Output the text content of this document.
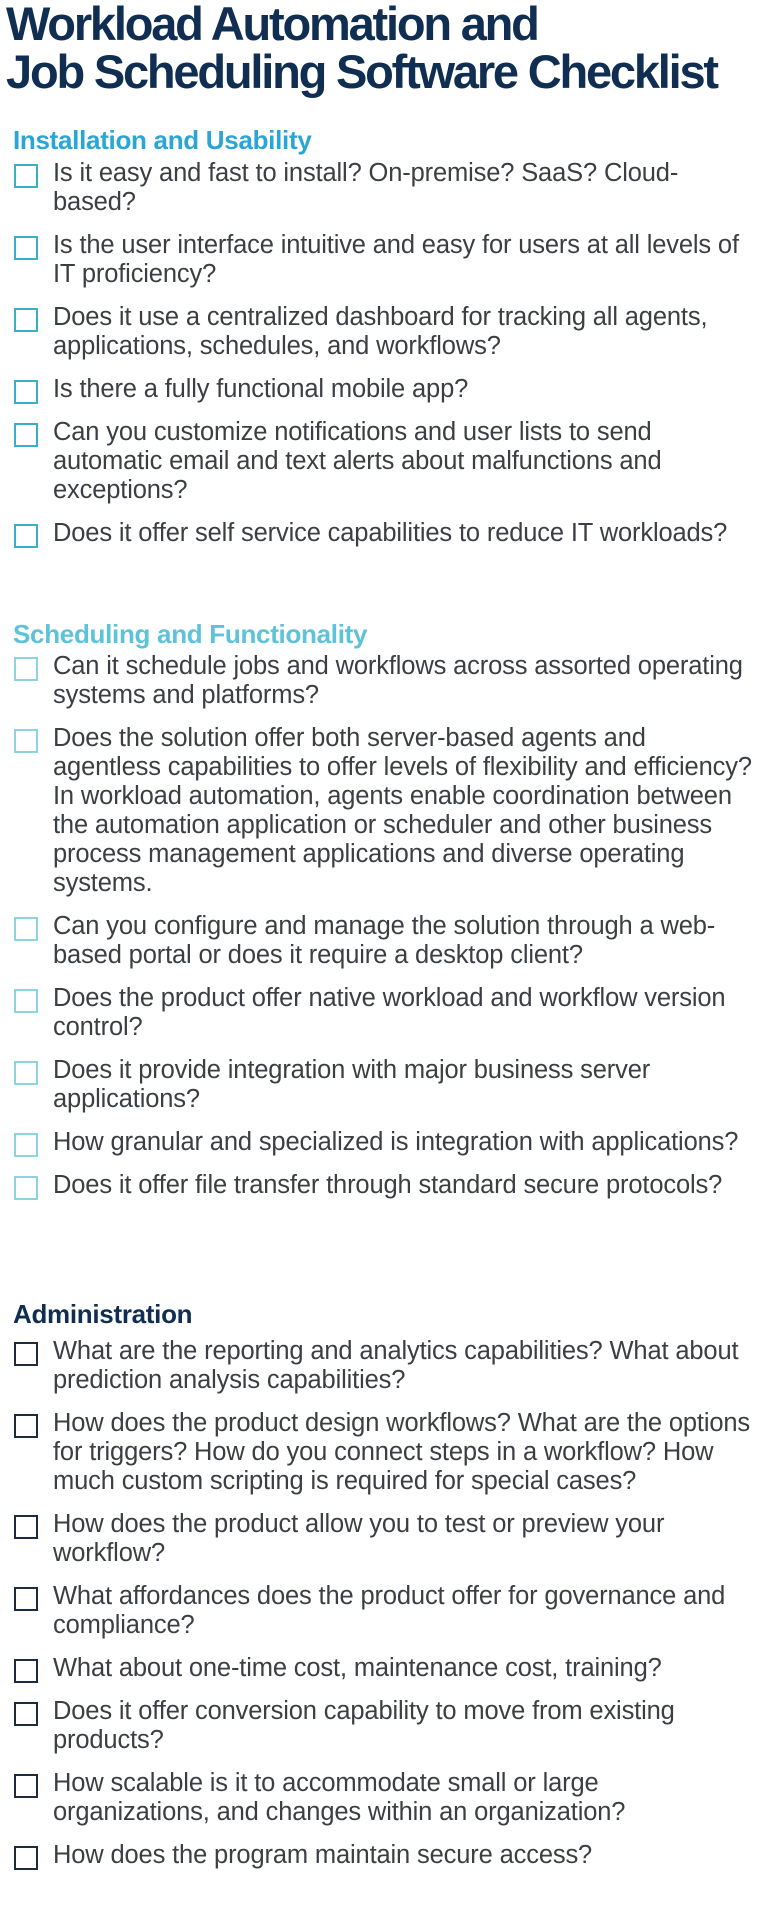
Workload Automation and
Job Scheduling Software Checklist
Installation and Usability
Is it easy and fast to install? On-premise? SaaS? Cloud-based?
Is the user interface intuitive and easy for users at all levels of IT proficiency?
Does it use a centralized dashboard for tracking all agents, applications, schedules, and workflows?
Is there a fully functional mobile app?
Can you customize notifications and user lists to send automatic email and text alerts about malfunctions and exceptions?
Does it offer self service capabilities to reduce IT workloads?
Scheduling and Functionality
Can it schedule jobs and workflows across assorted operating systems and platforms?
Does the solution offer both server-based agents and agentless capabilities to offer levels of flexibility and efficiency? In workload automation, agents enable coordination between the automation application or scheduler and other business process management applications and diverse operating systems.
Can you configure and manage the solution through a web-based portal or does it require a desktop client?
Does the product offer native workload and workflow version control?
Does it provide integration with major business server applications?
How granular and specialized is integration with applications?
Does it offer file transfer through standard secure protocols?
Administration
What are the reporting and analytics capabilities? What about prediction analysis capabilities?
How does the product design workflows? What are the options for triggers? How do you connect steps in a workflow? How much custom scripting is required for special cases?
How does the product allow you to test or preview your workflow?
What affordances does the product offer for governance and compliance?
What about one-time cost, maintenance cost, training?
Does it offer conversion capability to move from existing products?
How scalable is it to accommodate small or large organizations, and changes within an organization?
How does the program maintain secure access?
